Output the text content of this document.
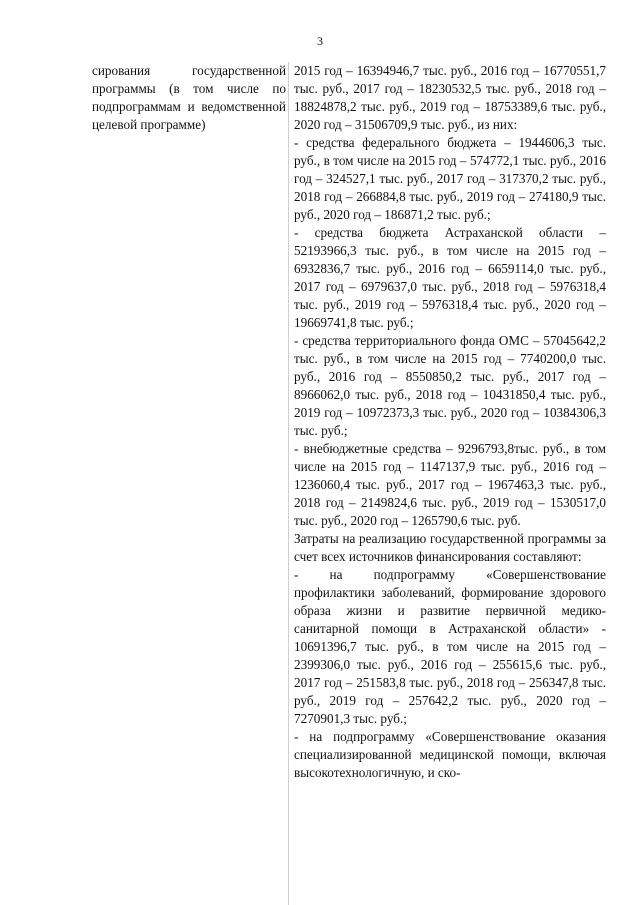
3
сирования государственной программы (в том числе по подпрограммам и ведомственной целевой программе)

2015 год – 16394946,7 тыс. руб., 2016 год – 16770551,7 тыс. руб., 2017 год – 18230532,5 тыс. руб., 2018 год – 18824878,2 тыс. руб., 2019 год – 18753389,6 тыс. руб., 2020 год – 31506709,9 тыс. руб., из них:

- средства федерального бюджета – 1944606,3 тыс. руб., в том числе на 2015 год – 574772,1 тыс. руб., 2016 год – 324527,1 тыс. руб., 2017 год – 317370,2 тыс. руб., 2018 год – 266884,8 тыс. руб., 2019 год – 274180,9 тыс. руб., 2020 год – 186871,2 тыс. руб.;

- средства бюджета Астраханской области – 52193966,3 тыс. руб., в том числе на 2015 год – 6932836,7 тыс. руб., 2016 год – 6659114,0 тыс. руб., 2017 год – 6979637,0 тыс. руб., 2018 год – 5976318,4 тыс. руб., 2019 год – 5976318,4 тыс. руб., 2020 год – 19669741,8 тыс. руб.;

- средства территориального фонда ОМС – 57045642,2 тыс. руб., в том числе на 2015 год – 7740200,0 тыс. руб., 2016 год – 8550850,2 тыс. руб., 2017 год – 8966062,0 тыс. руб., 2018 год – 10431850,4 тыс. руб., 2019 год – 10972373,3 тыс. руб., 2020 год – 10384306,3 тыс. руб.;

- внебюджетные средства – 9296793,8тыс. руб., в том числе на 2015 год – 1147137,9 тыс. руб., 2016 год – 1236060,4 тыс. руб., 2017 год – 1967463,3 тыс. руб., 2018 год – 2149824,6 тыс. руб., 2019 год – 1530517,0 тыс. руб., 2020 год – 1265790,6 тыс. руб.

Затраты на реализацию государственной программы за счет всех источников финансирования составляют:

- на подпрограмму «Совершенствование профилактики заболеваний, формирование здорового образа жизни и развитие первичной медико-санитарной помощи в Астраханской области» - 10691396,7 тыс. руб., в том числе на 2015 год – 2399306,0 тыс. руб., 2016 год – 255615,6 тыс. руб., 2017 год – 251583,8 тыс. руб., 2018 год – 256347,8 тыс. руб., 2019 год – 257642,2 тыс. руб., 2020 год – 7270901,3 тыс. руб.;

- на подпрограмму «Совершенствование оказания специализированной медицинской помощи, включая высокотехнологичную, и ско-
